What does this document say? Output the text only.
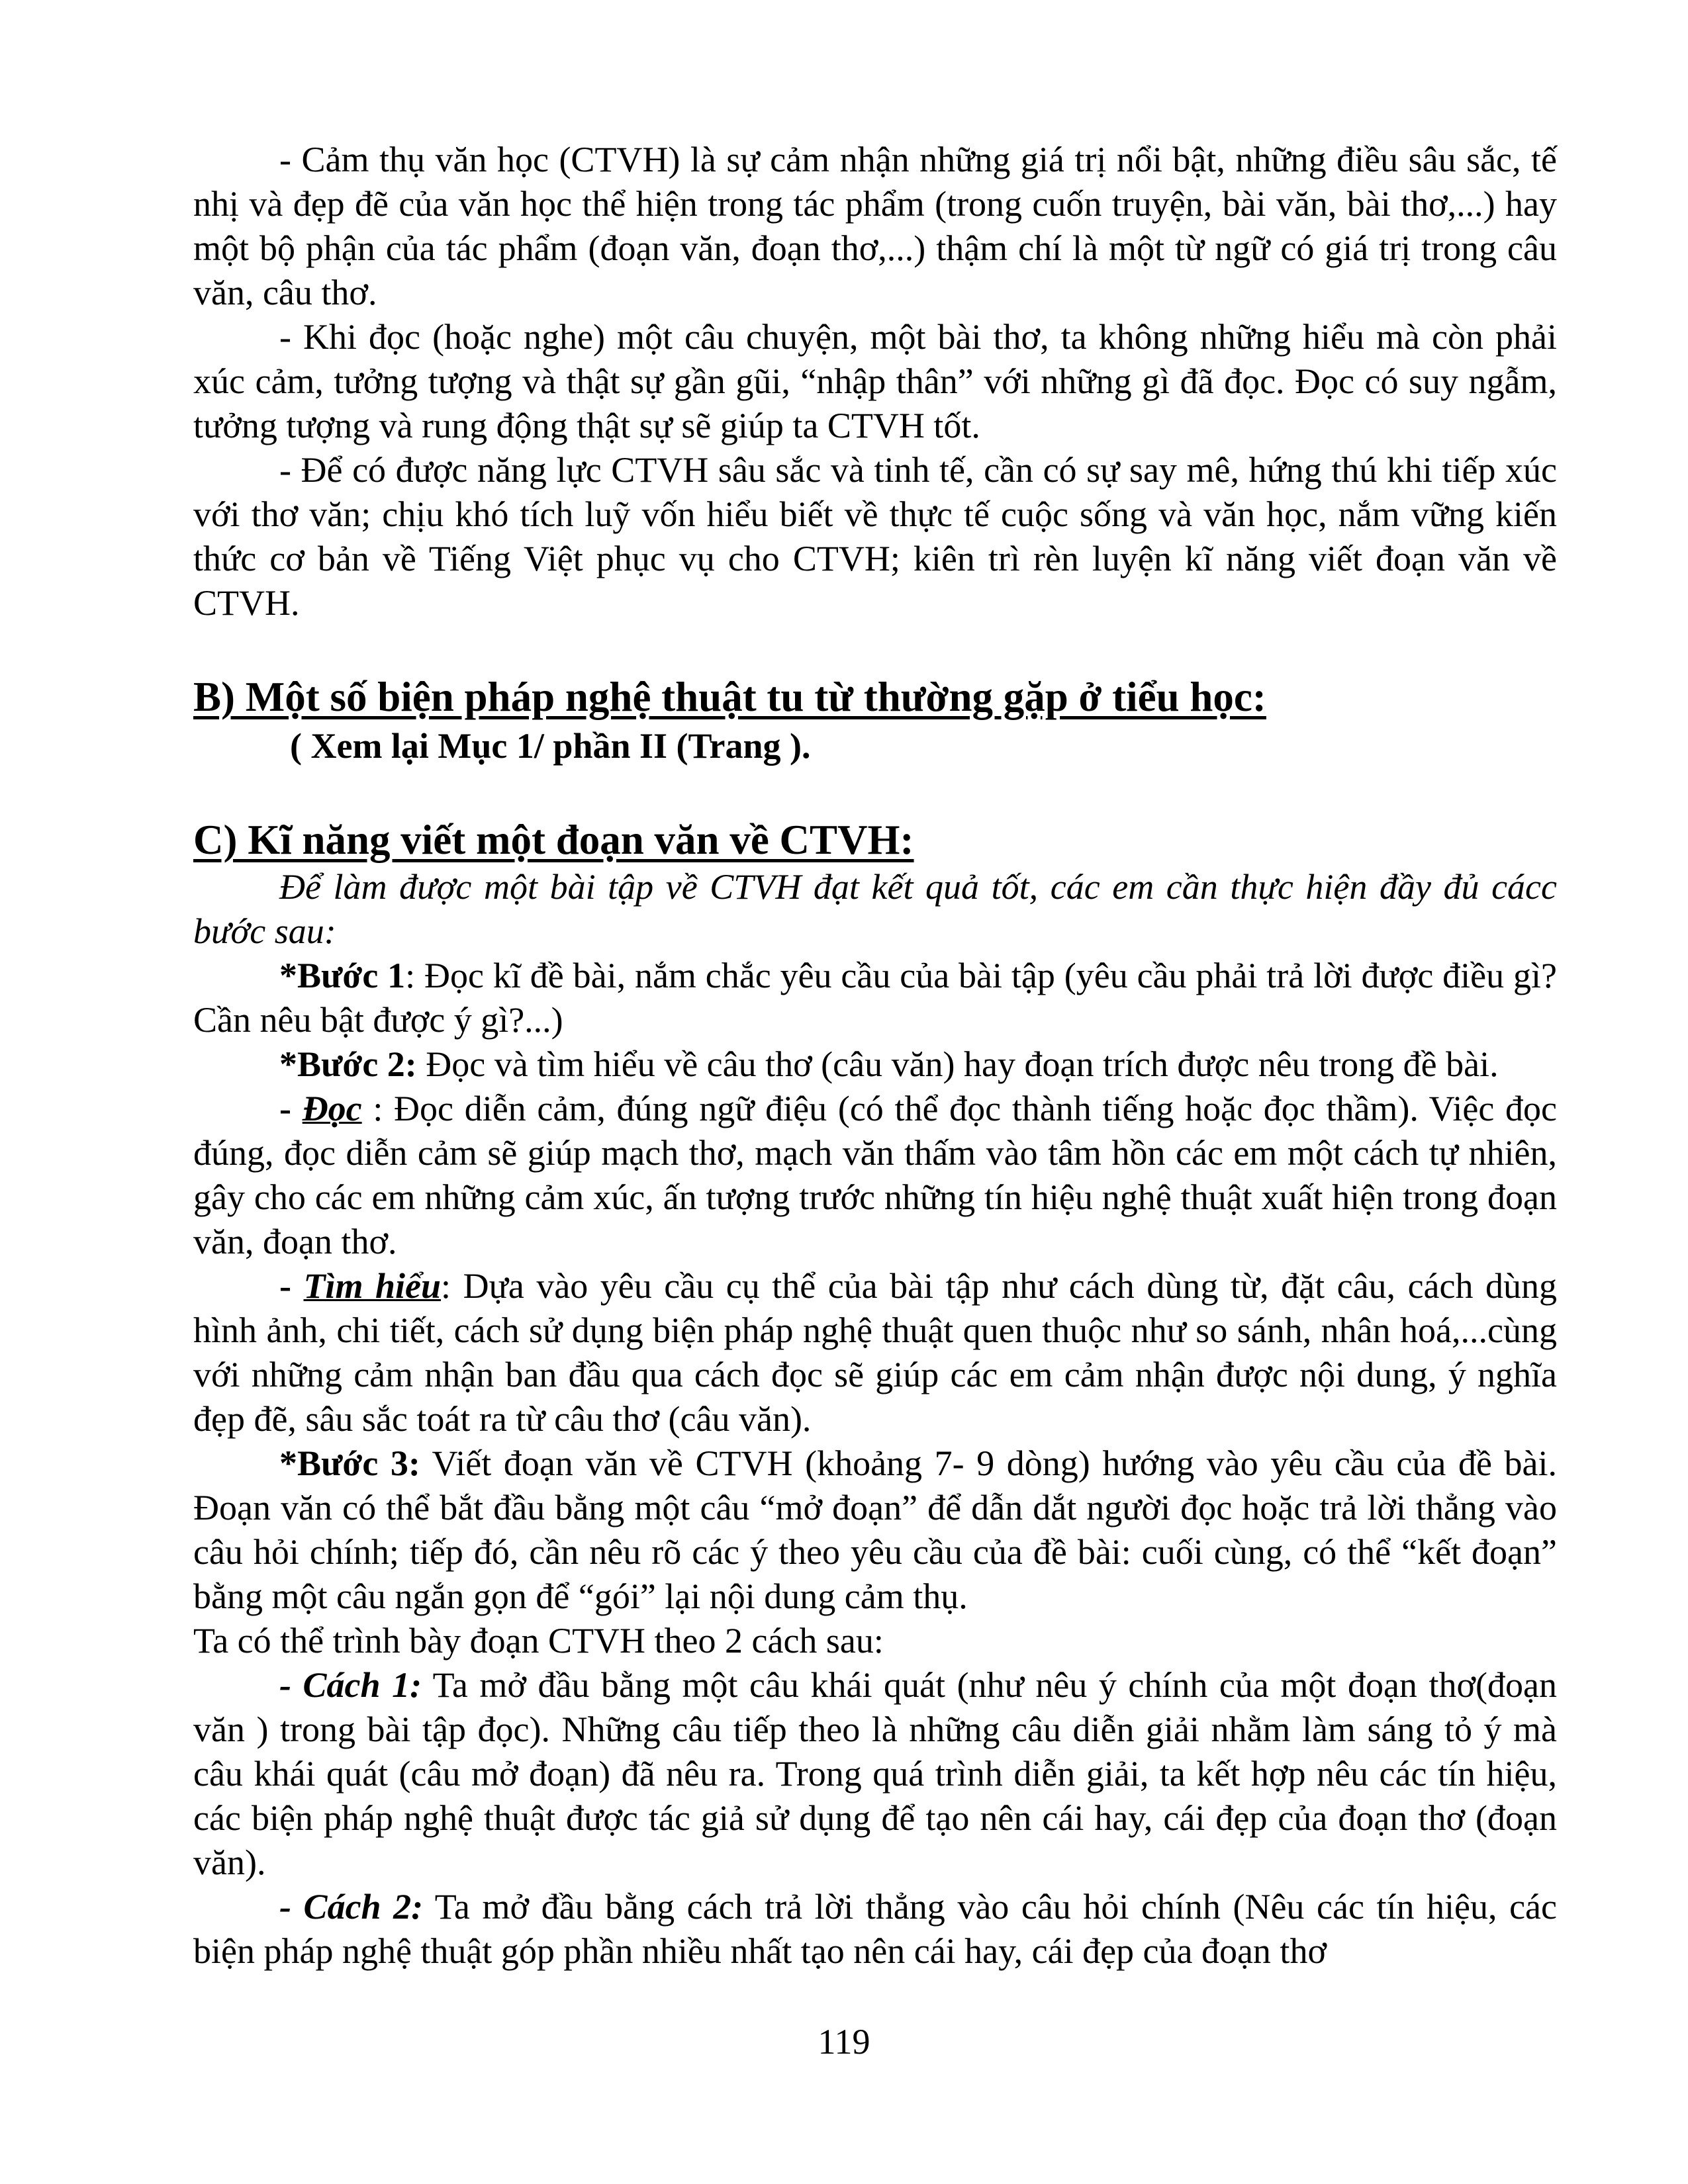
- Cảm thụ văn học (CTVH) là sự cảm nhận những giá trị nổi bật, những điều sâu sắc, tế nhị và đẹp đẽ của văn học thể hiện trong tác phẩm (trong cuốn truyện, bài văn, bài thơ,...) hay một bộ phận của tác phẩm (đoạn văn, đoạn thơ,...) thậm chí là một từ ngữ có giá trị trong câu văn, câu thơ.

- Khi đọc (hoặc nghe) một câu chuyện, một bài thơ, ta không những hiểu mà còn phải xúc cảm, tưởng tượng và thật sự gần gũi, “nhập thân” với những gì đã đọc. Đọc có suy ngẫm, tưởng tượng và rung động thật sự sẽ giúp ta CTVH tốt.

- Để có được năng lực CTVH sâu sắc và tinh tế, cần có sự say mê, hứng thú khi tiếp xúc với thơ văn; chịu khó tích luỹ vốn hiểu biết về thực tế cuộc sống và văn học, nắm vững kiến thức cơ bản về Tiếng Việt phục vụ cho CTVH; kiên trì rèn luyện kĩ năng viết đoạn văn về CTVH.

B) Một số biện pháp nghệ thuật tu từ thường gặp ở tiểu học:

( Xem lại Mục 1/ phần II (Trang ).

C) Kĩ năng viết một đoạn văn về CTVH:

Để làm được một bài tập về CTVH đạt kết quả tốt, các em cần thực hiện đầy đủ cácc bước sau:

*Bước 1: Đọc kĩ đề bài, nắm chắc yêu cầu của bài tập (yêu cầu phải trả lời được điều gì? Cần nêu bật được ý gì?...)

*Bước 2: Đọc và tìm hiểu về câu thơ (câu văn) hay đoạn trích được nêu trong đề bài.

- Đọc : Đọc diễn cảm, đúng ngữ điệu (có thể đọc thành tiếng hoặc đọc thầm). Việc đọc đúng, đọc diễn cảm sẽ giúp mạch thơ, mạch văn thấm vào tâm hồn các em một cách tự nhiên, gây cho các em những cảm xúc, ấn tượng trước những tín hiệu nghệ thuật xuất hiện trong đoạn văn, đoạn thơ.

- Tìm hiểu: Dựa vào yêu cầu cụ thể của bài tập như cách dùng từ, đặt câu, cách dùng hình ảnh, chi tiết, cách sử dụng biện pháp nghệ thuật quen thuộc như so sánh, nhân hoá,...cùng với những cảm nhận ban đầu qua cách đọc sẽ giúp các em cảm nhận được nội dung, ý nghĩa đẹp đẽ, sâu sắc toát ra từ câu thơ (câu văn).

*Bước 3: Viết đoạn văn về CTVH (khoảng 7- 9 dòng) hướng vào yêu cầu của đề bài. Đoạn văn có thể bắt đầu bằng một câu “mở đoạn” để dẫn dắt người đọc hoặc trả lời thẳng vào câu hỏi chính; tiếp đó, cần nêu rõ các ý theo yêu cầu của đề bài: cuối cùng, có thể “kết đoạn” bằng một câu ngắn gọn để “gói” lại nội dung cảm thụ.

Ta có thể trình bày đoạn CTVH theo 2 cách sau:

- Cách 1: Ta mở đầu bằng một câu khái quát (như nêu ý chính của một đoạn thơ(đoạn văn ) trong bài tập đọc). Những câu tiếp theo là những câu diễn giải nhằm làm sáng tỏ ý mà câu khái quát (câu mở đoạn) đã nêu ra. Trong quá trình diễn giải, ta kết hợp nêu các tín hiệu, các biện pháp nghệ thuật được tác giả sử dụng để tạo nên cái hay, cái đẹp của đoạn thơ (đoạn văn).

- Cách 2: Ta mở đầu bằng cách trả lời thẳng vào câu hỏi chính (Nêu các tín hiệu, các biện pháp nghệ thuật góp phần nhiều nhất tạo nên cái hay, cái đẹp của đoạn thơ

119
